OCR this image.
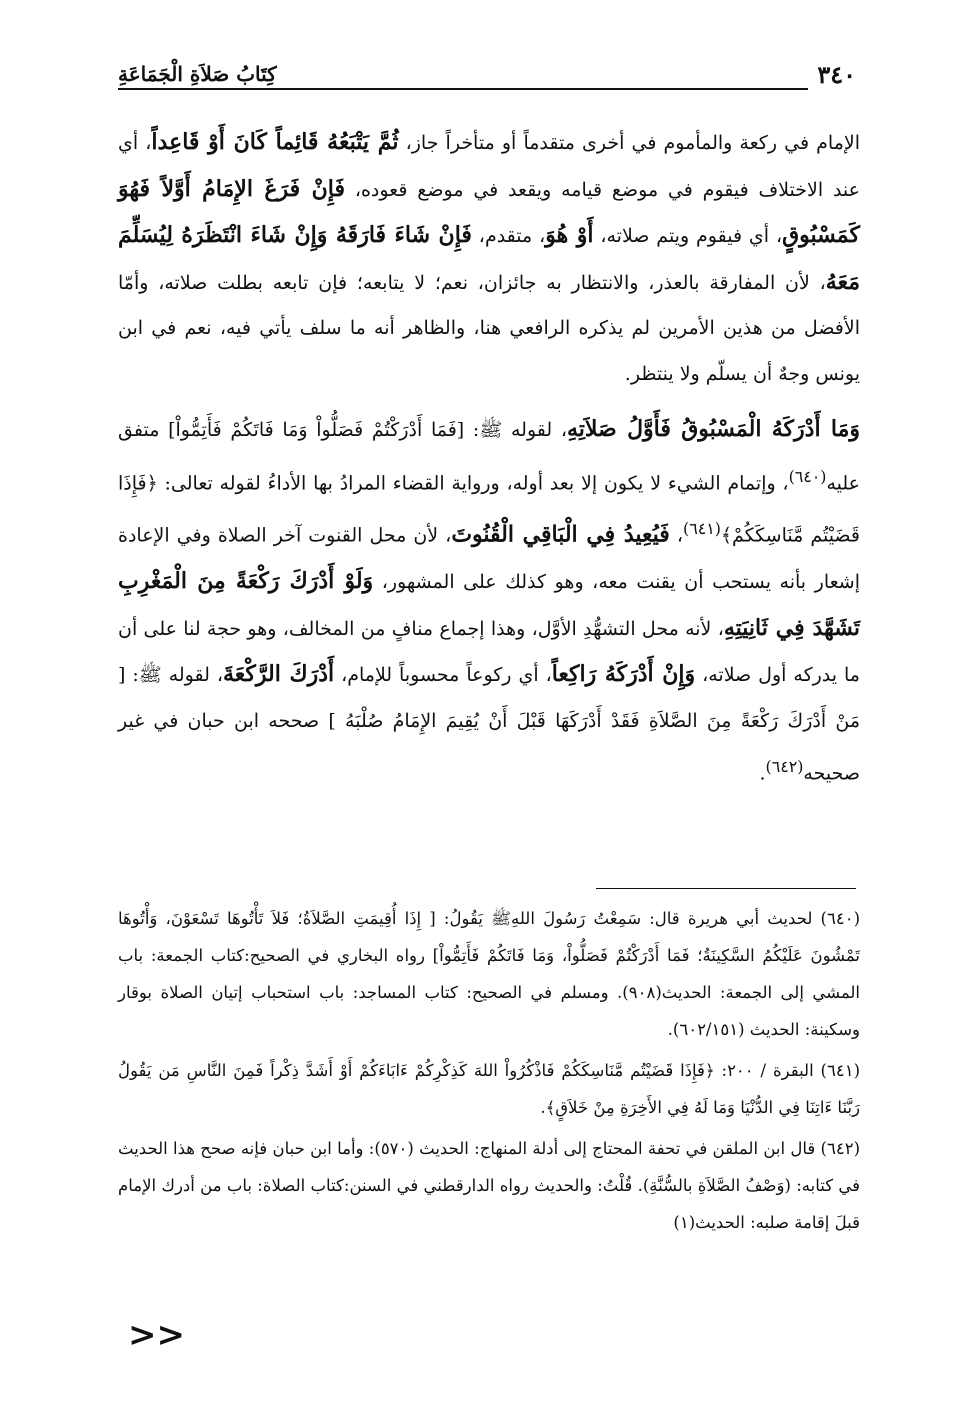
٣٤٠
كِتَابُ صَلاَةِ الْجَمَاعَةِ

الإمام في ركعة والمأموم في أخرى متقدماً أو متأخراً جاز، ثُمَّ يَتْبَعُهُ قَائِماً كَانَ أَوْ قَاعِداً، أي عند الاختلاف فيقوم في موضع قيامه ويقعد في موضع قعوده، فَإِنْ فَرَغَ الإِمَامُ أَوَّلاً فَهُوَ كَمَسْبُوقٍ، أي فيقوم ويتم صلاته، أَوْ هُوَ، متقدم، فَإِنْ شَاءَ فَارَقَهُ وَإِنْ شَاءَ انْتَظَرَهُ لِيُسَلِّمَ مَعَهُ، لأن المفارقة بالعذر، والانتظار به جائزان، نعم؛ لا يتابعه؛ فإن تابعه بطلت صلاته، وأمّا الأفضل من هذين الأمرين لم يذكره الرافعي هنا، والظاهر أنه ما سلف يأتي فيه، نعم في ابن يونس وجهٌ أن يسلّم ولا ينتظر.

وَمَا أَدْرَكَهُ الْمَسْبُوقُ فَأَوَّلُ صَلاَتِهِ، لقوله ﷺ: [فَمَا أَدْرَكْتُمْ فَصَلُّواْ وَمَا فَاتَكُمْ فَأَتِمُّواْ] متفق عليه$^{(٦٤٠)}$، وإتمام الشيء لا يكون إلا بعد أوله، ورواية القضاء المرادُ بها الأداءُ لقوله تعالى: ﴿فَإِذَا قَضَيْتُم مَّنَاسِكَكُمْ﴾$^{(٦٤١)}$، فَيُعِيدُ فِي الْبَاقِي الْقُنُوتَ، لأن محل القنوت آخر الصلاة وفي الإعادة إشعار بأنه يستحب أن يقنت معه، وهو كذلك على المشهور، وَلَوْ أَدْرَكَ رَكْعَةً مِنَ الْمَغْرِبِ تَشَهَّدَ فِي ثَانِيَتِهِ، لأنه محل التشهُّدِ الأوَّل، وهذا إجماع منافٍ من المخالف، وهو حجة لنا على أن ما يدركه أول صلاته، وَإِنْ أَدْرَكَهُ رَاكِعاً، أي ركوعاً محسوباً للإمام، أَدْرَكَ الرَّكْعَةَ، لقوله ﷺ: [ مَنْ أَدْرَكَ رَكْعَةً مِنَ الصَّلاَةِ فَقَدْ أَدْرَكَهَا قَبْلَ أَنْ يُقِيمَ الإِمَامُ صُلْبَهُ ] صححه ابن حبان في غير صحيحه$^{(٦٤٢)}$.

(٦٤٠) لحديث أبي هريرة قال: سَمِعْتُ رَسُولَ اللهِﷺ يَقُولُ: [ إِذَا أُقِيمَتِ الصَّلاَةُ؛ فَلاَ تَأْتُوهَا تَسْعَوْنَ، وَأْتُوهَا تَمْشُونَ عَلَيْكُمُ السَّكِينَةُ؛ فَمَا أَدْرَكْتُمْ فَصَلُّواْ، وَمَا فَاتَكُمْ فَأَتِمُّواْ] رواه البخاري في الصحيح:كتاب الجمعة: باب المشي إلى الجمعة: الحديث(٩٠٨). ومسلم في الصحيح: كتاب المساجد: باب استحباب إتيان الصلاة بوقار وسكينة: الحديث (٦٠٢/١٥١).

(٦٤١) البقرة / ٢٠٠: ﴿فَإِذَا قَضَيْتُم مَّنَاسِكَكُمْ فَاذْكُرُواْ اللهَ كَذِكْرِكُمْ ءَابَاءَكُمْ أَوْ أَشَدَّ ذِكْراً فَمِنَ النَّاسِ مَن يَقُولُ رَبَّنَا ءَاتِنَا فِي الدُّنْيَا وَمَا لَهُ فِي الأَخِرَةِ مِنْ خَلاَقٍ﴾.

(٦٤٢) قال ابن الملقن في تحفة المحتاج إلى أدلة المنهاج: الحديث (٥٧٠): وأما ابن حبان فإنه صحح هذا الحديث في كتابه: (وَصْفُ الصَّلاَةِ بالسُّنَّةِ). قُلْتُ: والحديث رواه الدارقطني في السنن:كتاب الصلاة: باب من أدرك الإمام قبلَ إقامة صلبه: الحديث(١)

<<
